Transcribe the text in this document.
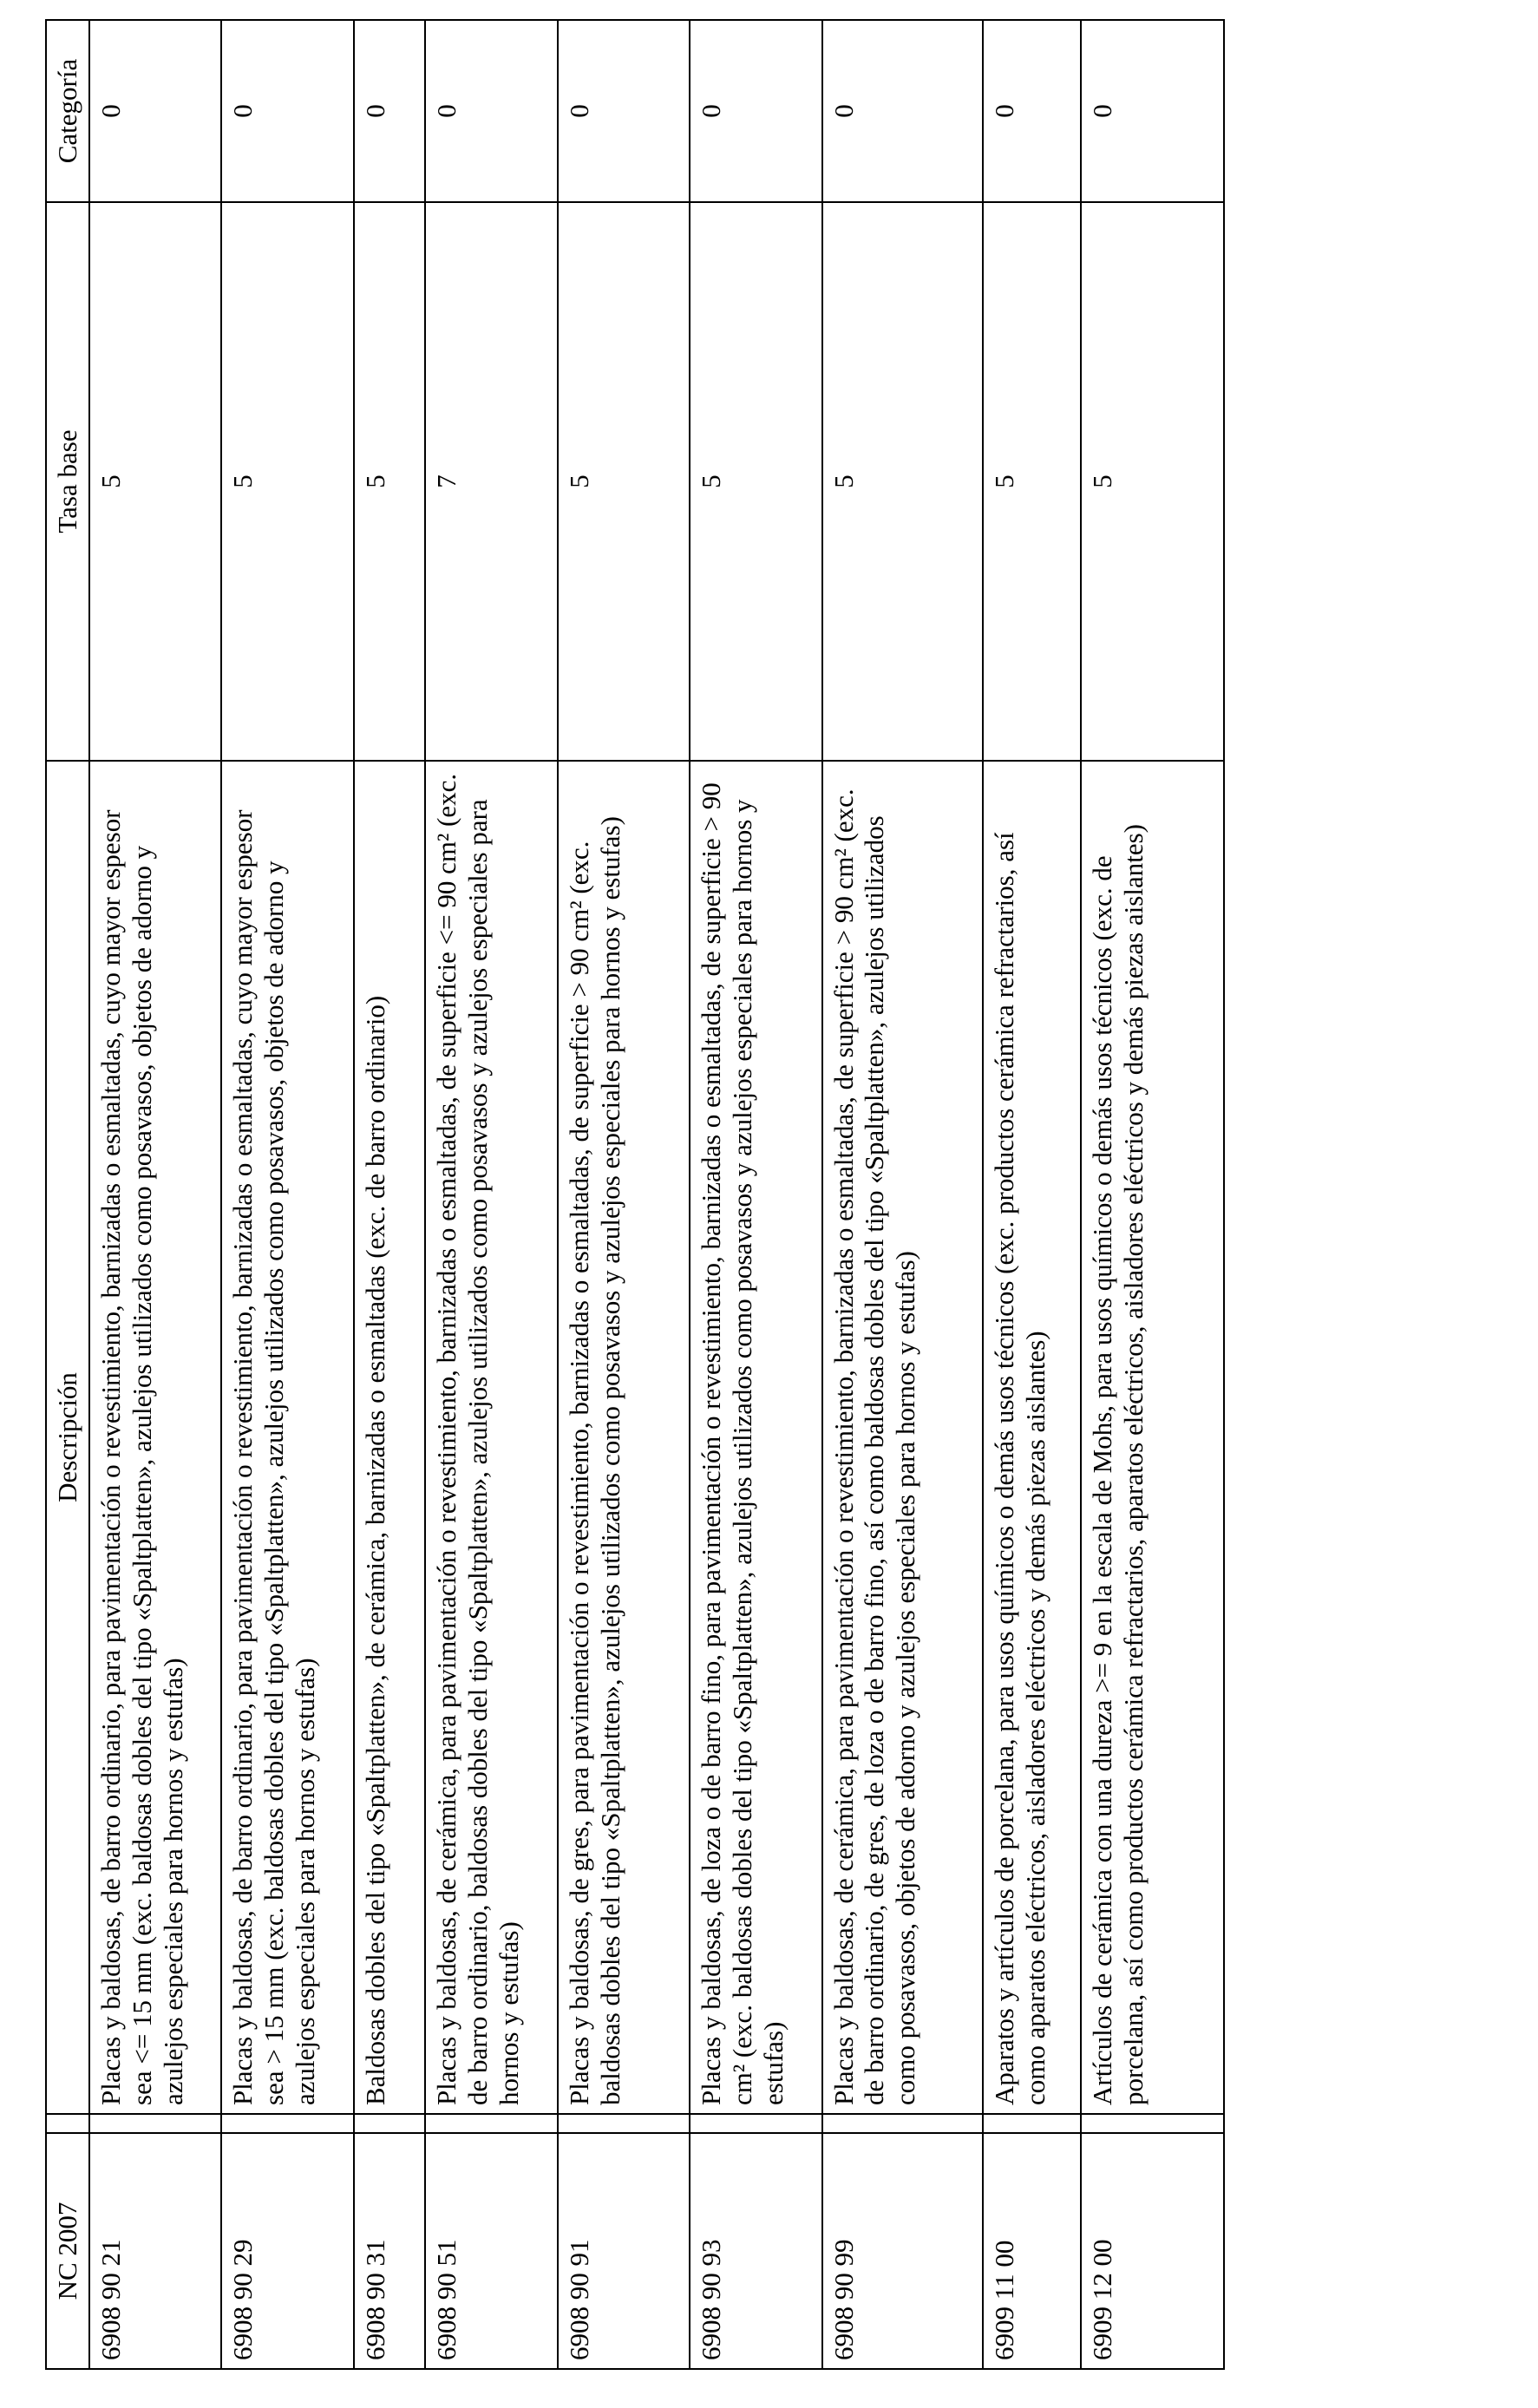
NC 2007		Descripción	Tasa base	Categoría
6908 90 21		Placas y baldosas, de barro ordinario, para pavimentación o revestimiento, barnizadas o esmaltadas, cuyo mayor espesor sea <= 15 mm (exc. baldosas dobles del tipo «Spaltplatten», azulejos utilizados como posavasos, objetos de adorno y azulejos especiales para hornos y estufas)	5	0
6908 90 29		Placas y baldosas, de barro ordinario, para pavimentación o revestimiento, barnizadas o esmaltadas, cuyo mayor espesor sea > 15 mm (exc. baldosas dobles del tipo «Spaltplatten», azulejos utilizados como posavasos, objetos de adorno y azulejos especiales para hornos y estufas)	5	0
6908 90 31		Baldosas dobles del tipo «Spaltplatten», de cerámica, barnizadas o esmaltadas (exc. de barro ordinario)	5	0
6908 90 51		Placas y baldosas, de cerámica, para pavimentación o revestimiento, barnizadas o esmaltadas, de superficie <= 90 cm² (exc. de barro ordinario, baldosas dobles del tipo «Spaltplatten», azulejos utilizados como posavasos y azulejos especiales para hornos y estufas)	7	0
6908 90 91		Placas y baldosas, de gres, para pavimentación o revestimiento, barnizadas o esmaltadas, de superficie > 90 cm² (exc. baldosas dobles del tipo «Spaltplatten», azulejos utilizados como posavasos y azulejos especiales para hornos y estufas)	5	0
6908 90 93		Placas y baldosas, de loza o de barro fino, para pavimentación o revestimiento, barnizadas o esmaltadas, de superficie > 90 cm² (exc. baldosas dobles del tipo «Spaltplatten», azulejos utilizados como posavasos y azulejos especiales para hornos y estufas)	5	0
6908 90 99		Placas y baldosas, de cerámica, para pavimentación o revestimiento, barnizadas o esmaltadas, de superficie > 90 cm² (exc. de barro ordinario, de gres, de loza o de barro fino, así como baldosas dobles del tipo «Spaltplatten», azulejos utilizados como posavasos, objetos de adorno y azulejos especiales para hornos y estufas)	5	0
6909 11 00		Aparatos y artículos de porcelana, para usos químicos o demás usos técnicos (exc. productos cerámica refractarios, así como aparatos eléctricos, aisladores eléctricos y demás piezas aislantes)	5	0
6909 12 00		Artículos de cerámica con una dureza >= 9 en la escala de Mohs, para usos químicos o demás usos técnicos (exc. de porcelana, así como productos cerámica refractarios, aparatos eléctricos, aisladores eléctricos y demás piezas aislantes)	5	0
